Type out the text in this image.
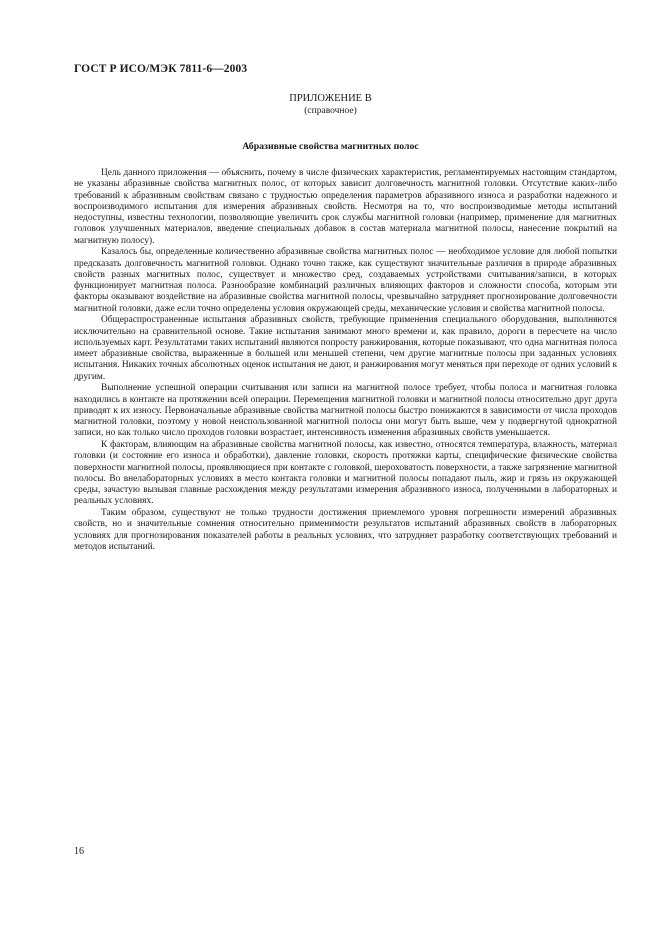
ГОСТ Р ИСО/МЭК 7811-6—2003
ПРИЛОЖЕНИЕ В
(справочное)
Абразивные свойства магнитных полос

Цель данного приложения — объяснить, почему в числе физических характеристик, регламентируемых настоящим стандартом, не указаны абразивные свойства магнитных полос, от которых зависит долговечность магнитной головки. Отсутствие каких-либо требований к абразивным свойствам связано с трудностью определения параметров абразивного износа и разработки надежного и воспроизводимого испытания для измерения абразивных свойств. Несмотря на то, что воспроизводимые методы испытаний недоступны, известны технологии, позволяющие увеличить срок службы магнитной головки (например, применение для магнитных головок улучшенных материалов, введение специальных добавок в состав материала магнитной полосы, нанесение покрытий на магнитную полосу).

Казалось бы, определенные количественно абразивные свойства магнитных полос — необходимое условие для любой попытки предсказать долговечность магнитной головки. Однако точно также, как существуют значительные различия в природе абразивных свойств разных магнитных полос, существует и множество сред, создаваемых устройствами считывания/записи, в которых функционирует магнитная полоса. Разнообразие комбинаций различных влияющих факторов и сложности способа, которым эти факторы оказывают воздействие на абразивные свойства магнитной полосы, чрезвычайно затрудняет прогнозирование долговечности магнитной головки, даже если точно определены условия окружающей среды, механические условия и свойства магнитной полосы.

Общераспространенные испытания абразивных свойств, требующие применения специального оборудования, выполняются исключительно на сравнительной основе. Такие испытания занимают много времени и, как правило, дороги в пересчете на число используемых карт. Результатами таких испытаний являются попросту ранжирования, которые показывают, что одна магнитная полоса имеет абразивные свойства, выраженные в большей или меньшей степени, чем другие магнитные полосы при заданных условиях испытания. Никаких точных абсолютных оценок испытания не дают, и ранжирования могут меняться при переходе от одних условий к другим.

Выполнение успешной операции считывания или записи на магнитной полосе требует, чтобы полоса и магнитная головка находились в контакте на протяжении всей операции. Перемещения магнитной головки и магнитной полосы относительно друг друга приводят к их износу. Первоначальные абразивные свойства магнитной полосы быстро понижаются в зависимости от числа проходов магнитной головки, поэтому у новой неиспользованной магнитной полосы они могут быть выше, чем у подвергнутой однократной записи, но как только число проходов головки возрастает, интенсивность изменения абразивных свойств уменьшается.

К факторам, влияющим на абразивные свойства магнитной полосы, как известно, относятся температура, влажность, материал головки (и состояние его износа и обработки), давление головки, скорость протяжки карты, специфические физические свойства поверхности магнитной полосы, проявляющиеся при контакте с головкой, шероховатость поверхности, а также загрязнение магнитной полосы. Во внелабораторных условиях в место контакта головки и магнитной полосы попадают пыль, жир и грязь из окружающей среды, зачастую вызывая главные расхождения между результатами измерения абразивного износа, полученными в лабораторных и реальных условиях.

Таким образом, существуют не только трудности достижения приемлемого уровня погрешности измерений абразивных свойств, но и значительные сомнения относительно применимости результатов испытаний абразивных свойств в лабораторных условиях для прогнозирования показателей работы в реальных условиях, что затрудняет разработку соответствующих требований и методов испытаний.

16
